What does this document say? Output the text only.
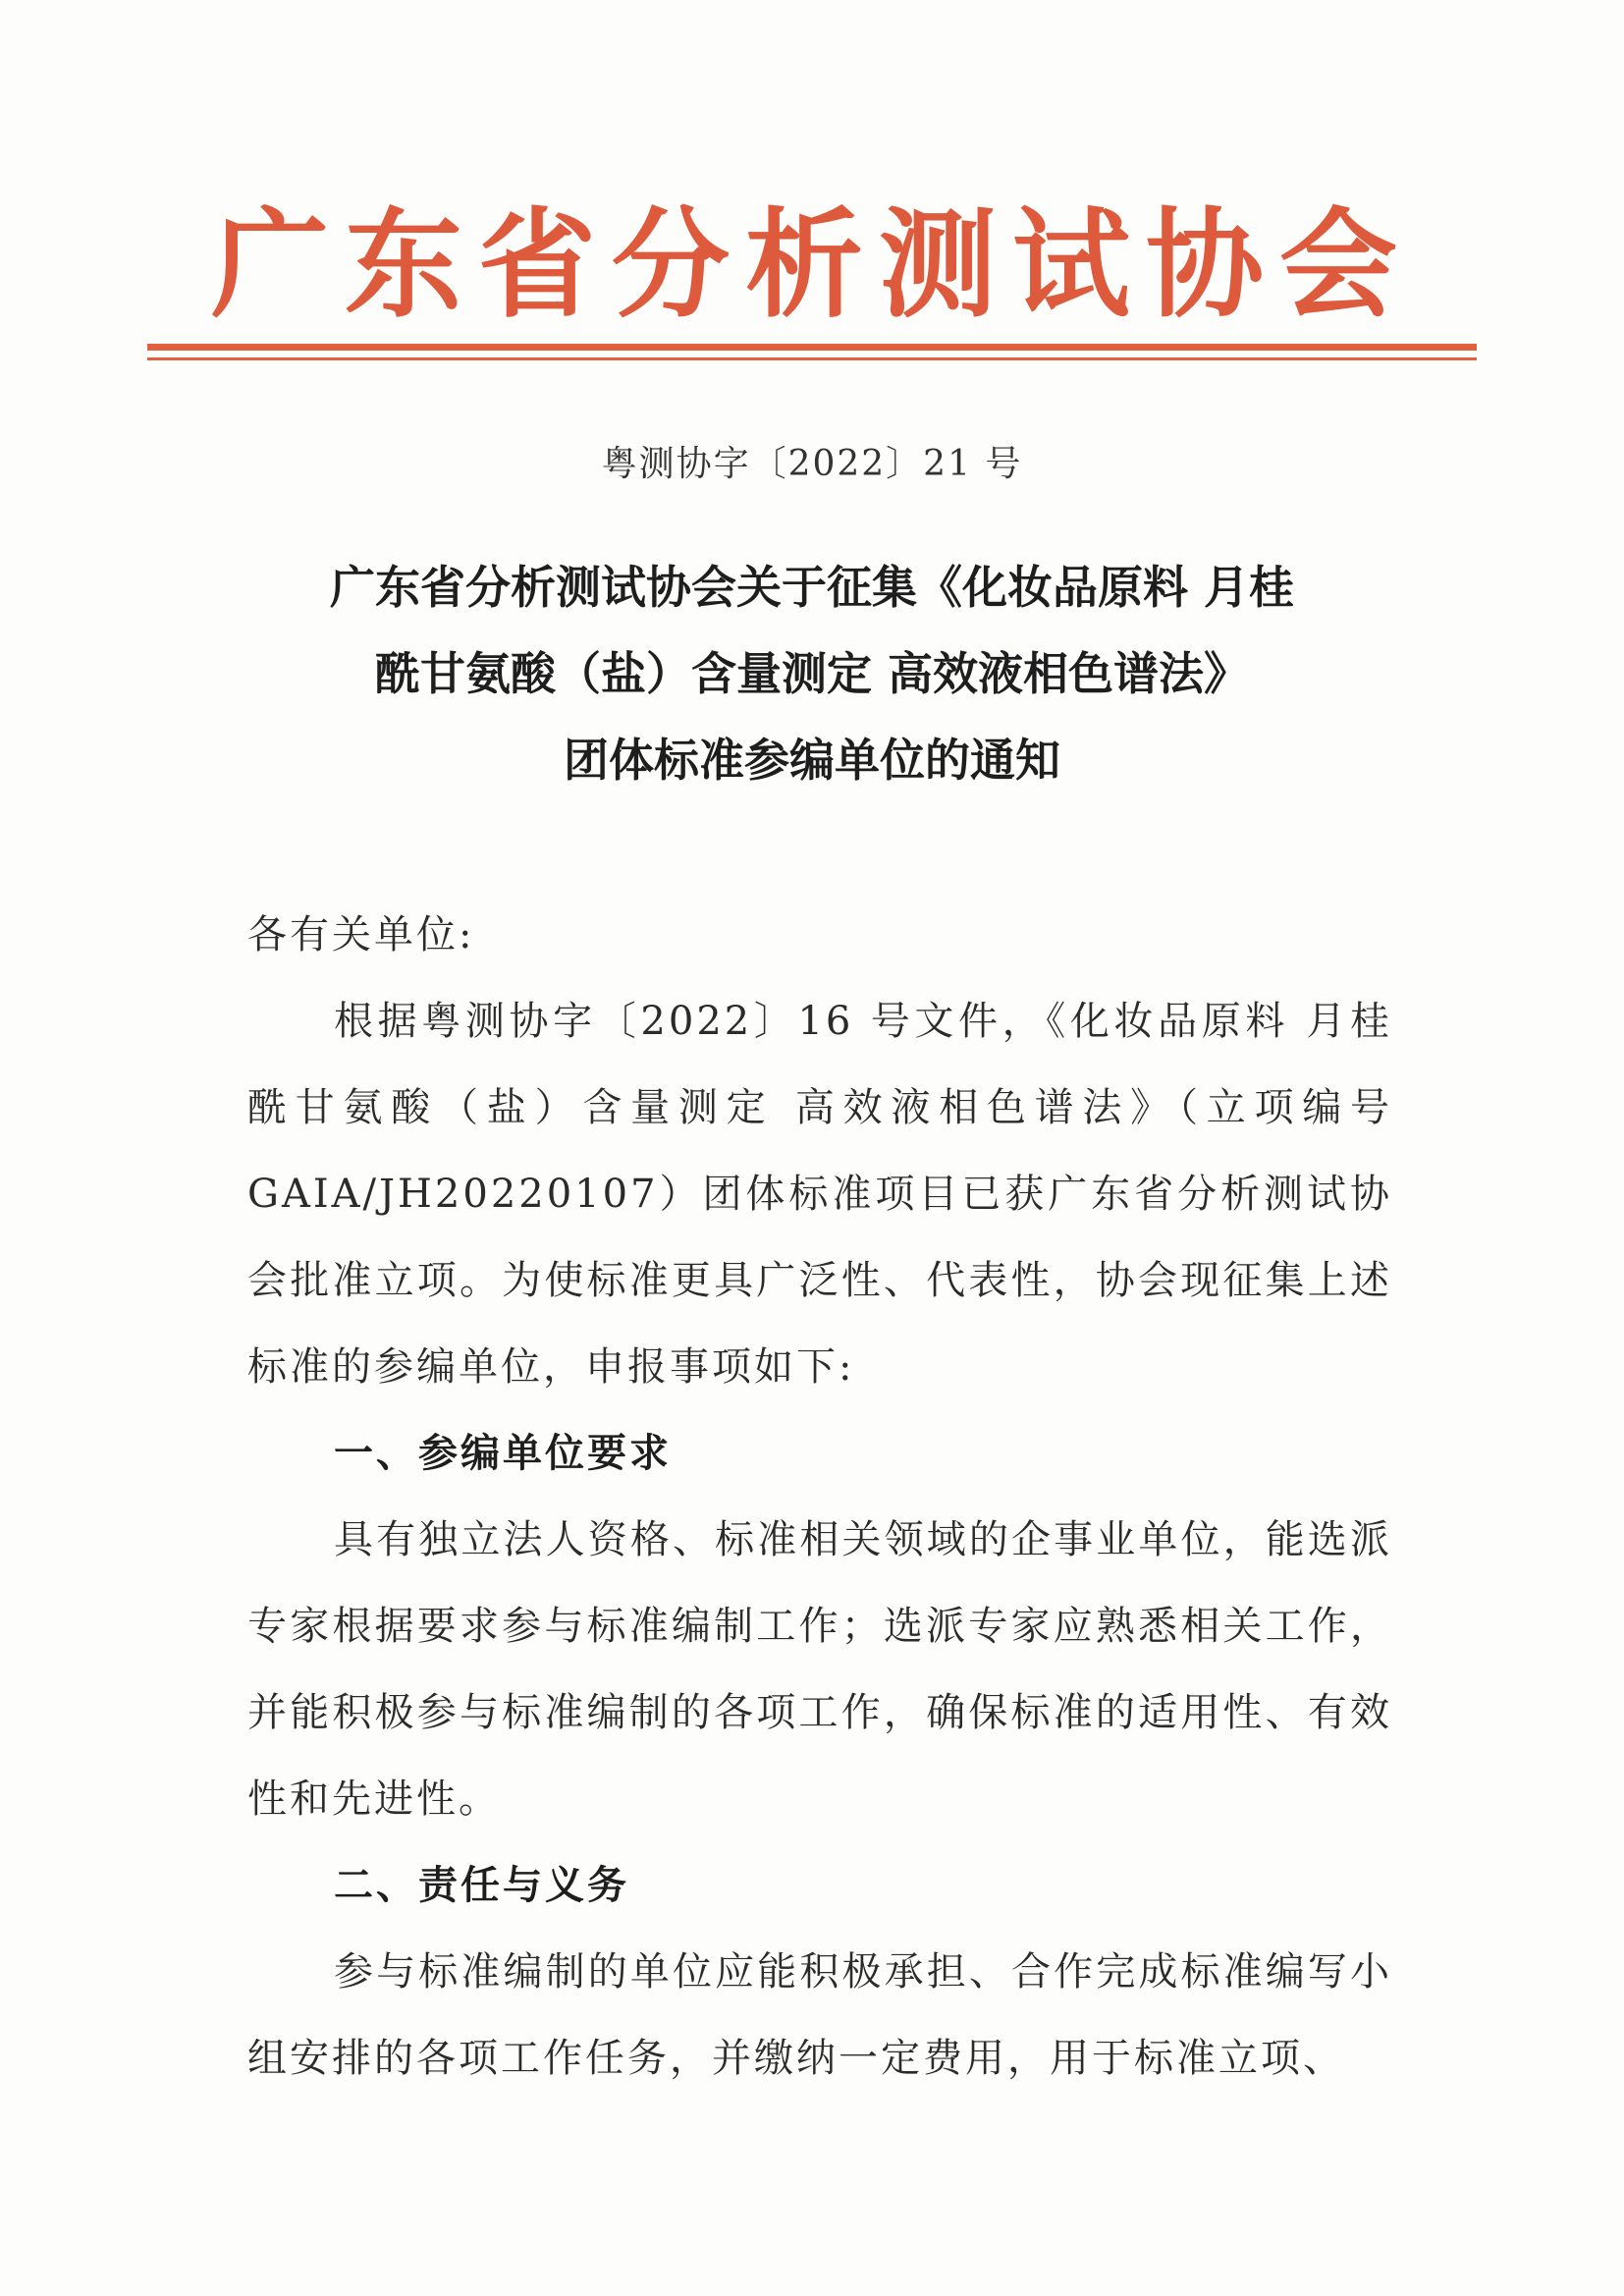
广东省分析测试协会
粤测协字〔2022〕21 号
广东省分析测试协会关于征集《化妆品原料 月桂
酰甘氨酸（盐）含量测定 高效液相色谱法》
团体标准参编单位的通知
各有关单位:

根据粤测协字〔2022〕16 号文件，《化妆品原料 月桂酰甘氨酸（盐）含量测定 高效液相色谱法》（立项编号GAIA/JH20220107）团体标准项目已获广东省分析测试协会批准立项。为使标准更具广泛性、代表性，协会现征集上述标准的参编单位，申报事项如下:

一、参编单位要求

具有独立法人资格、标准相关领域的企事业单位，能选派专家根据要求参与标准编制工作；选派专家应熟悉相关工作，并能积极参与标准编制的各项工作，确保标准的适用性、有效性和先进性。

二、责任与义务

参与标准编制的单位应能积极承担、合作完成标准编写小组安排的各项工作任务，并缴纳一定费用，用于标准立项、
